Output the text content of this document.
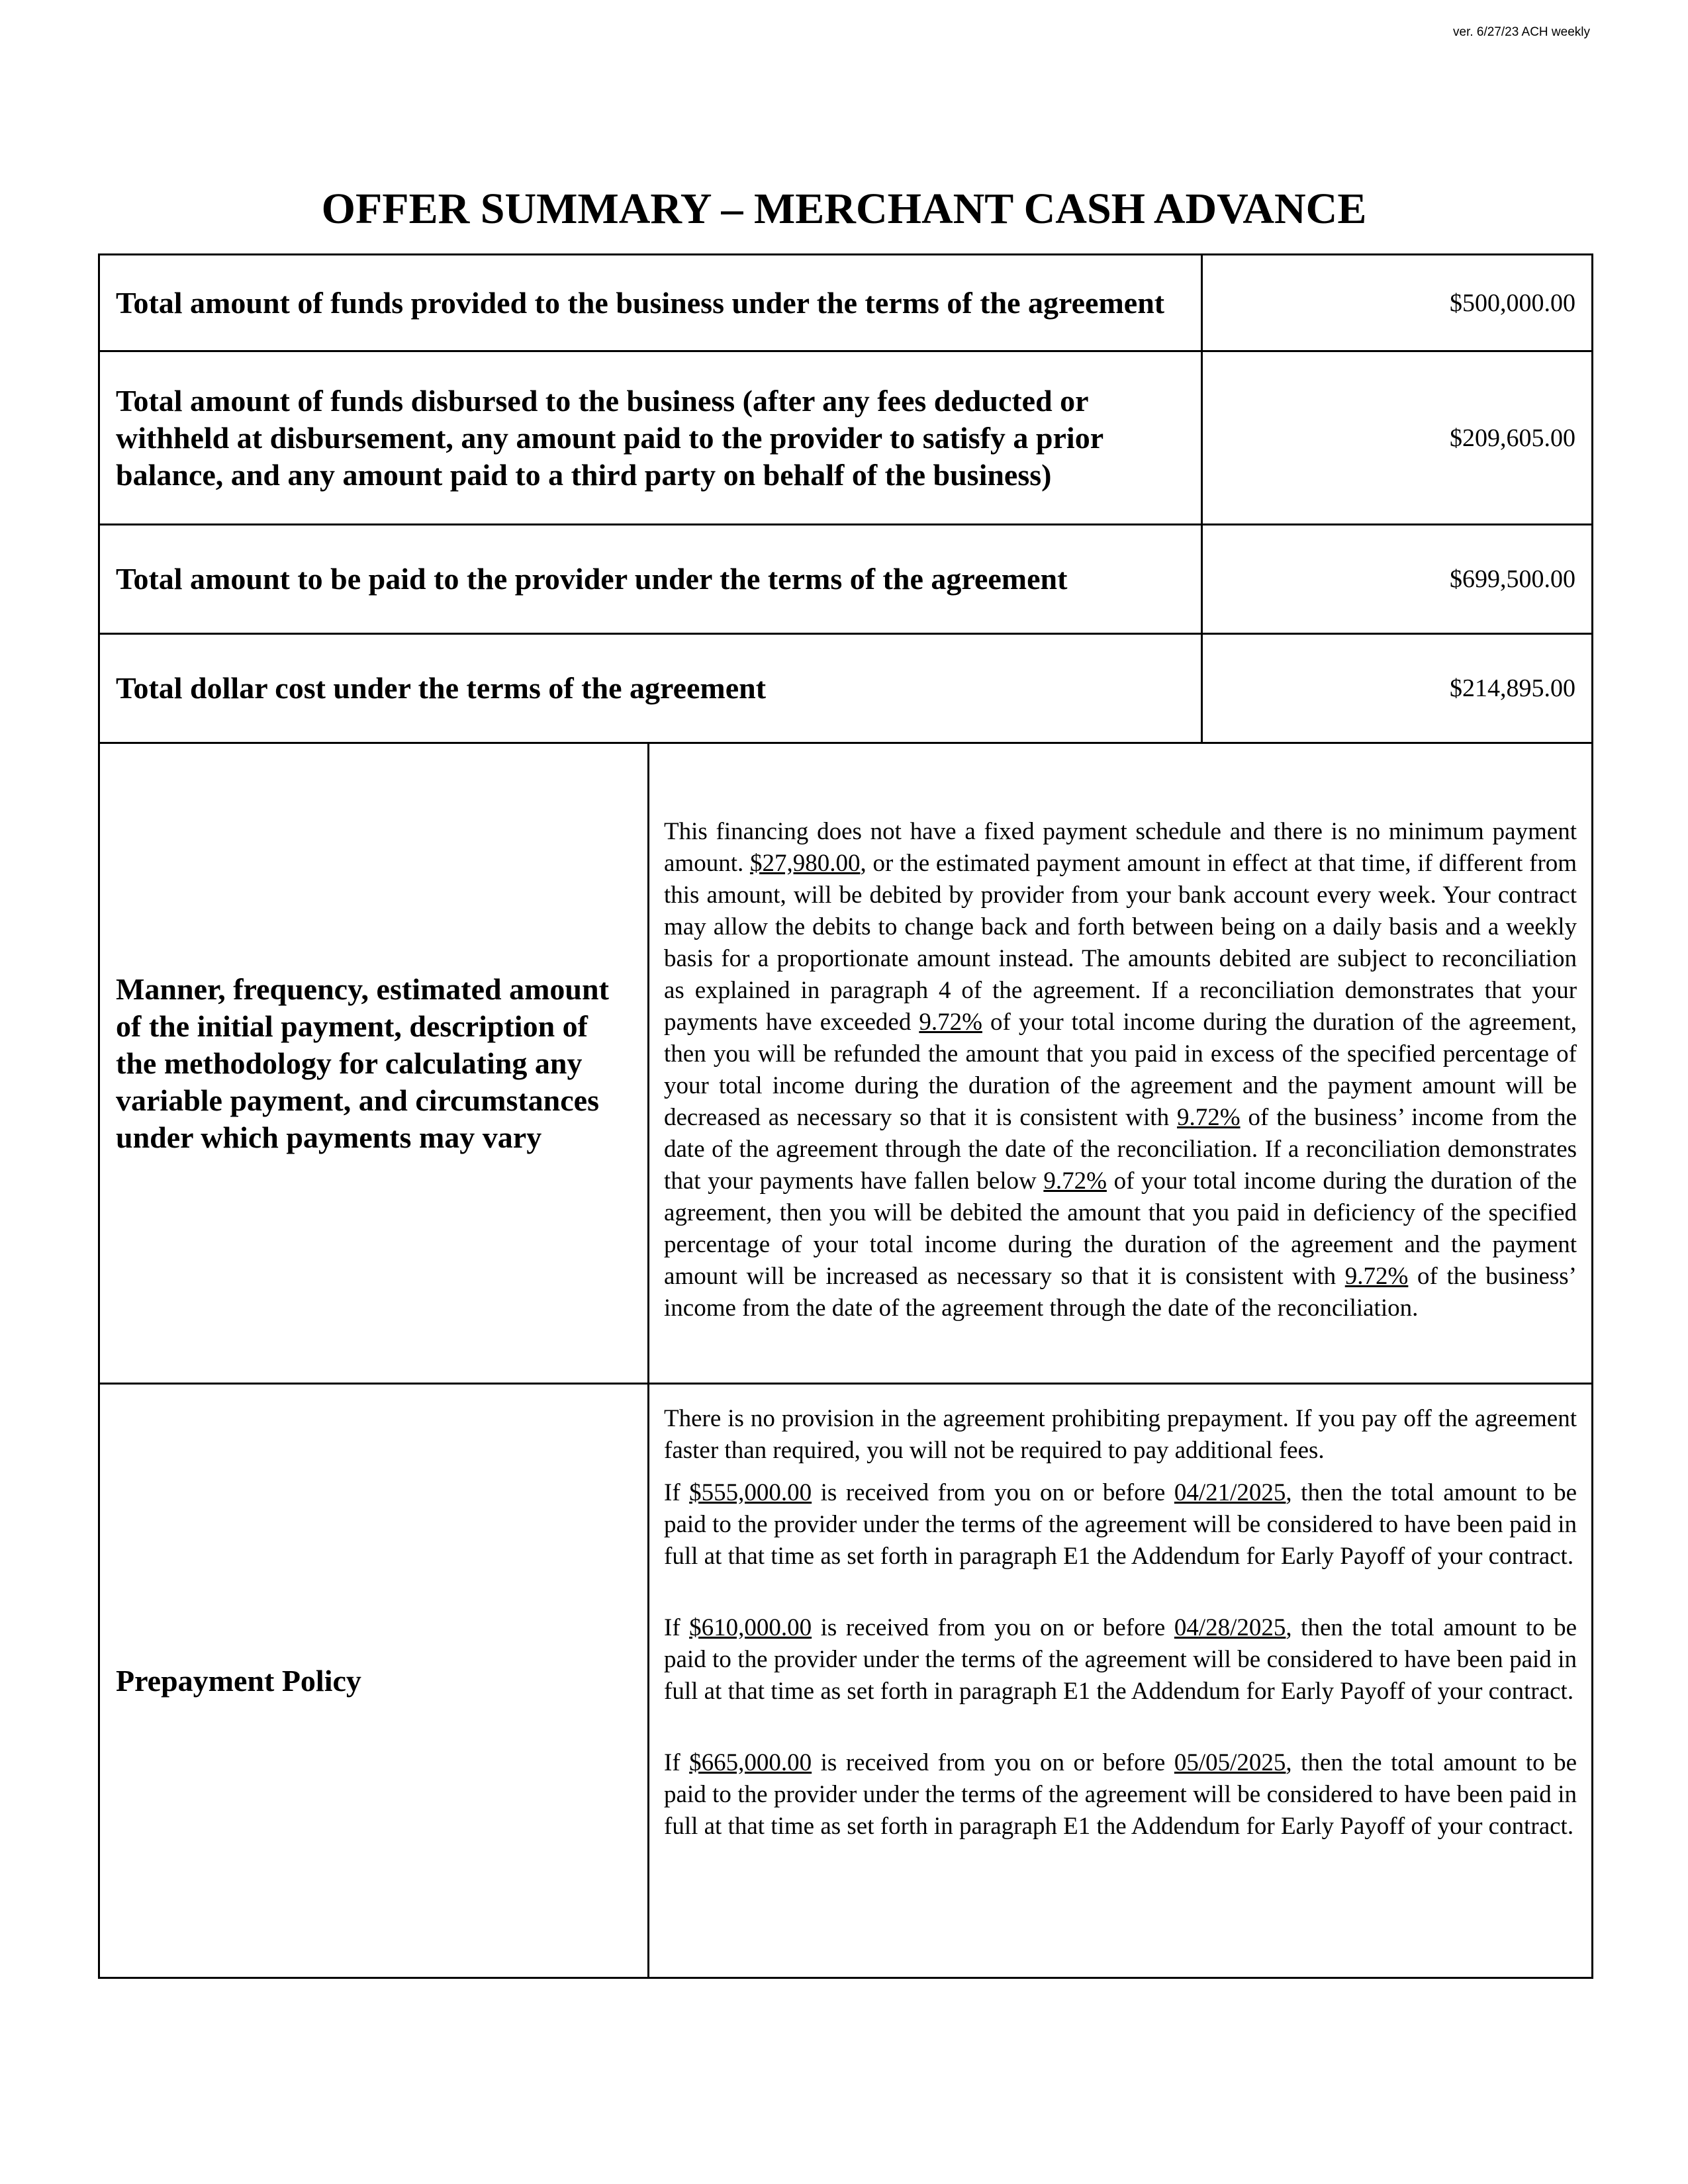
ver. 6/27/23 ACH weekly
OFFER SUMMARY – MERCHANT CASH ADVANCE
Total amount of funds provided to the business under the terms of the agreement		$500,000.00
Total amount of funds disbursed to the business (after any fees deducted or withheld at disbursement, any amount paid to the provider to satisfy a prior balance, and any amount paid to a third party on behalf of the business)		$209,605.00
Total amount to be paid to the provider under the terms of the agreement		$699,500.00
Total dollar cost under the terms of the agreement		$214,895.00
Manner, frequency, estimated amount of the initial payment, description of the methodology for calculating any variable payment, and circumstances under which payments may vary	This financing does not have a fixed payment schedule and there is no minimum payment amount. $27,980.00, or the estimated payment amount in effect at that time, if different from this amount, will be debited by provider from your bank account every week. Your contract may allow the debits to change back and forth between being on a daily basis and a weekly basis for a proportionate amount instead. The amounts debited are subject to reconciliation as explained in paragraph 4 of the agreement. If a reconciliation demonstrates that your payments have exceeded 9.72% of your total income during the duration of the agreement, then you will be refunded the amount that you paid in excess of the specified percentage of your total income during the duration of the agreement and the payment amount will be decreased as necessary so that it is consistent with 9.72% of the business’ income from the date of the agreement through the date of the reconciliation. If a reconciliation demonstrates that your payments have fallen below 9.72% of your total income during the duration of the agreement, then you will be debited the amount that you paid in deficiency of the specified percentage of your total income during the duration of the agreement and the payment amount will be increased as necessary so that it is consistent with 9.72% of the business’ income from the date of the agreement through the date of the reconciliation.	

Prepayment Policy	There is no provision in the agreement prohibiting prepayment. If you pay off the agreement faster than required, you will not be required to pay additional fees.

If $555,000.00 is received from you on or before 04/21/2025, then the total amount to be paid to the provider under the terms of the agreement will be considered to have been paid in full at that time as set forth in paragraph E1 the Addendum for Early Payoff of your contract.

If $610,000.00 is received from you on or before 04/28/2025, then the total amount to be paid to the provider under the terms of the agreement will be considered to have been paid in full at that time as set forth in paragraph E1 the Addendum for Early Payoff of your contract.

If $665,000.00 is received from you on or before 05/05/2025, then the total amount to be paid to the provider under the terms of the agreement will be considered to have been paid in full at that time as set forth in paragraph E1 the Addendum for Early Payoff of your contract.	
